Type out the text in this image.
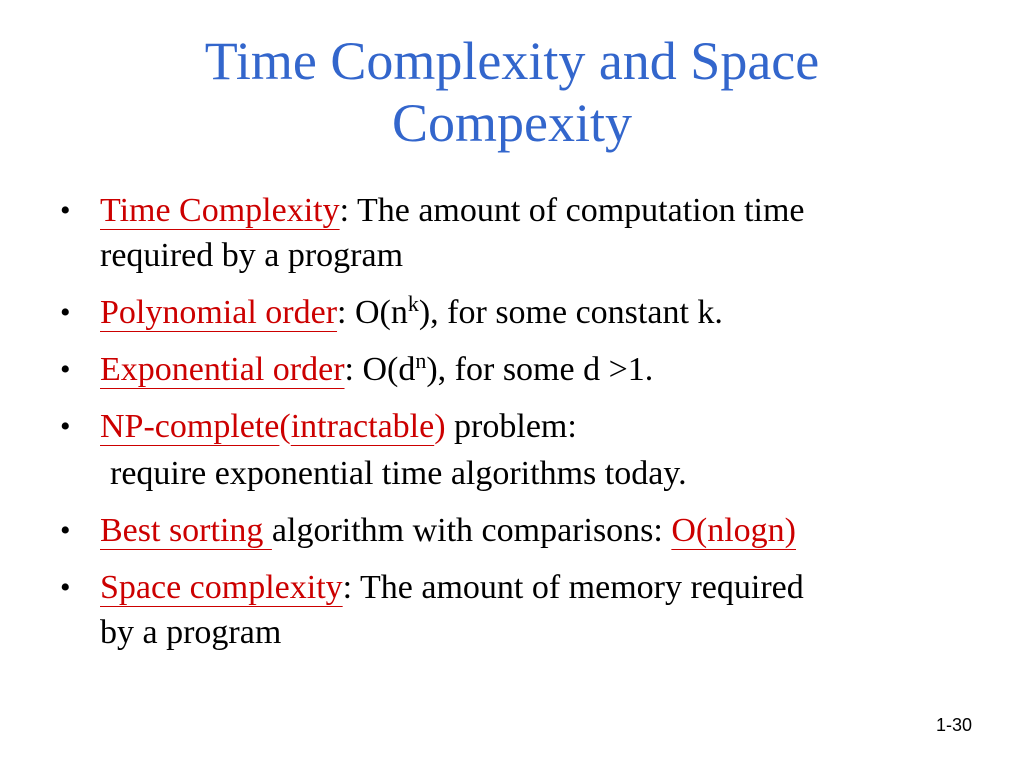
Time Complexity and Space
Compexity
• Time Complexity: The amount of computation time
required by a program
• Polynomial order: $O(n^k)$, for some constant k.
• Exponential order: $O(d^n)$, for some d >1.
• NP-complete(intractable) problem:
require exponential time algorithms today.
• Best sorting algorithm with comparisons: O(nlogn)
• Space complexity: The amount of memory required
by a program
1-30
